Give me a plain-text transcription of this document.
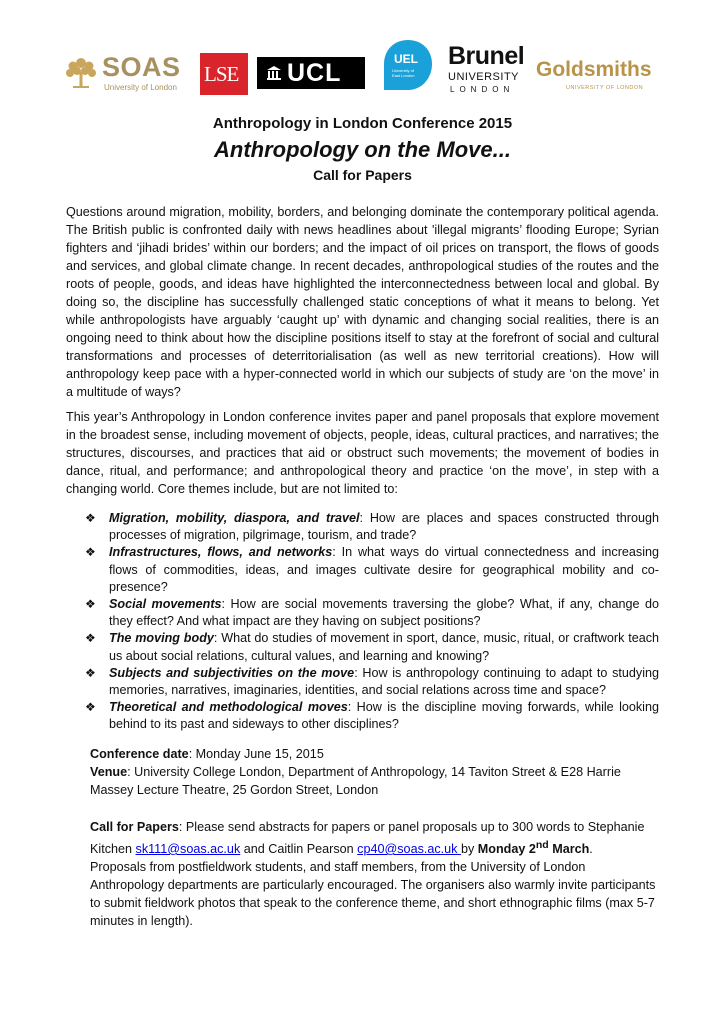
SOAS
University of London
LSE UCL	UEL
University of
East London
Brunel
UNIVERSITY
LONDON
Goldsmiths
UNIVERSITY OF LONDON
Anthropology in London Conference 2015
Anthropology on the Move...
Call for Papers

Questions around migration, mobility, borders, and belonging dominate the contemporary political agenda. The British public is confronted daily with news headlines about 'illegal migrants’ flooding Europe; Syrian fighters and ‘jihadi brides’ within our borders; and the impact of oil prices on transport, the flows of goods and services, and global climate change. In recent decades, anthropological studies of the routes and the roots of people, goods, and ideas have highlighted the interconnectedness between local and global. By doing so, the discipline has successfully challenged static conceptions of what it means to belong. Yet while anthropologists have arguably ‘caught up’ with dynamic and changing social realities, there is an ongoing need to think about how the discipline positions itself to stay at the forefront of social and cultural transformations and processes of deterritorialisation (as well as new territorial creations). How will anthropology keep pace with a hyper-connected world in which our subjects of study are ‘on the move’ in a multitude of ways?

This year’s Anthropology in London conference invites paper and panel proposals that explore movement in the broadest sense, including movement of objects, people, ideas, cultural practices, and narratives; the structures, discourses, and practices that aid or obstruct such movements; the movement of bodies in dance, ritual, and performance; and anthropological theory and practice ‘on the move’, in step with a changing world. Core themes include, but are not limited to:

❖ Migration, mobility, diaspora, and travel: How are places and spaces constructed through processes of migration, pilgrimage, tourism, and trade?
❖ Infrastructures, flows, and networks: In what ways do virtual connectedness and increasing flows of commodities, ideas, and images cultivate desire for geographical mobility and co-presence?
❖ Social movements: How are social movements traversing the globe? What, if any, change do they effect? And what impact are they having on subject positions?
❖ The moving body: What do studies of movement in sport, dance, music, ritual, or craftwork teach us about social relations, cultural values, and learning and knowing?
❖ Subjects and subjectivities on the move: How is anthropology continuing to adapt to studying memories, narratives, imaginaries, identities, and social relations across time and space?
❖ Theoretical and methodological moves: How is the discipline moving forwards, while looking behind to its past and sideways to other disciplines?

Conference date: Monday June 15, 2015
Venue: University College London, Department of Anthropology, 14 Taviton Street & E28 Harrie Massey Lecture Theatre, 25 Gordon Street, London

Call for Papers: Please send abstracts for papers or panel proposals up to 300 words to Stephanie Kitchen sk111@soas.ac.uk and Caitlin Pearson cp40@soas.ac.uk by Monday 2nd March.
Proposals from postfieldwork students, and staff members, from the University of London Anthropology departments are particularly encouraged. The organisers also warmly invite participants to submit fieldwork photos that speak to the conference theme, and short ethnographic films (max 5-7 minutes in length).
